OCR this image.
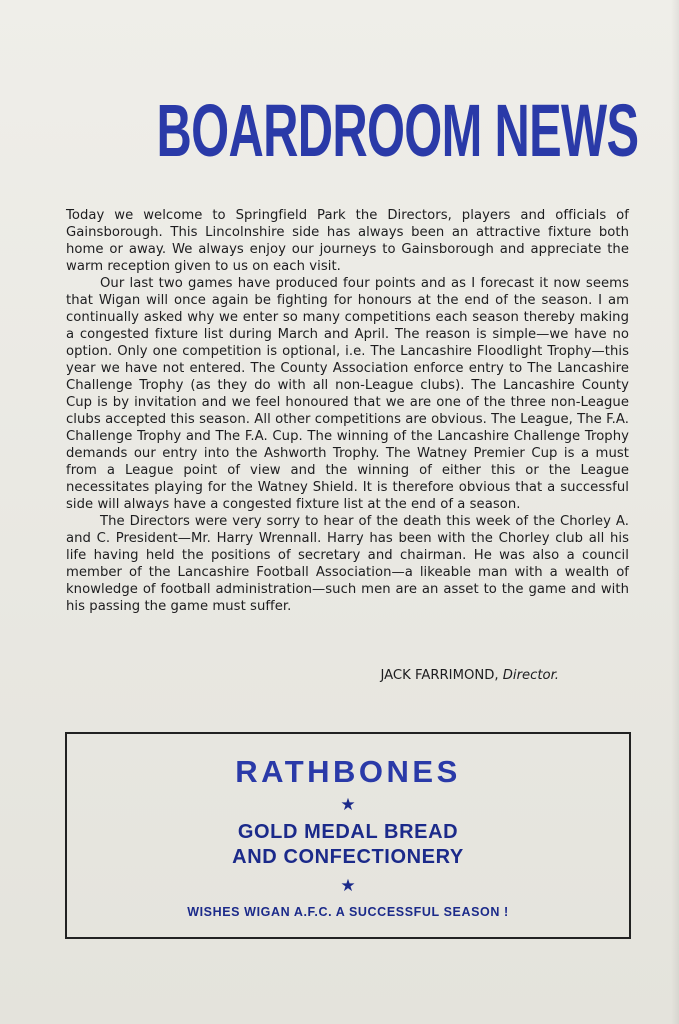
BOARDROOM NEWS

Today we welcome to Springfield Park the Directors, players and officials of Gainsborough. This Lincolnshire side has always been an attractive fixture both home or away. We always enjoy our journeys to Gainsborough and appreciate the warm reception given to us on each visit.

Our last two games have produced four points and as I forecast it now seems that Wigan will once again be fighting for honours at the end of the season. I am continually asked why we enter so many competitions each season thereby making a congested fixture list during March and April. The reason is simple—we have no option. Only one competition is optional, i.e. The Lancashire Floodlight Trophy—this year we have not entered. The County Association enforce entry to The Lancashire Challenge Trophy (as they do with all non-League clubs). The Lancashire County Cup is by invitation and we feel honoured that we are one of the three non-League clubs accepted this season. All other competitions are obvious. The League, The F.A. Challenge Trophy and The F.A. Cup. The winning of the Lancashire Challenge Trophy demands our entry into the Ashworth Trophy. The Watney Premier Cup is a must from a League point of view and the winning of either this or the League necessitates playing for the Watney Shield. It is therefore obvious that a successful side will always have a congested fixture list at the end of a season.

The Directors were very sorry to hear of the death this week of the Chorley A. and C. President—Mr. Harry Wrennall. Harry has been with the Chorley club all his life having held the positions of secretary and chairman. He was also a council member of the Lancashire Football Association—a likeable man with a wealth of knowledge of football administration—such men are an asset to the game and with his passing the game must suffer.

JACK FARRIMOND, Director.
RATHBONES
★
GOLD MEDAL BREAD
AND CONFECTIONERY
★
WISHES WIGAN A.F.C. A SUCCESSFUL SEASON !
